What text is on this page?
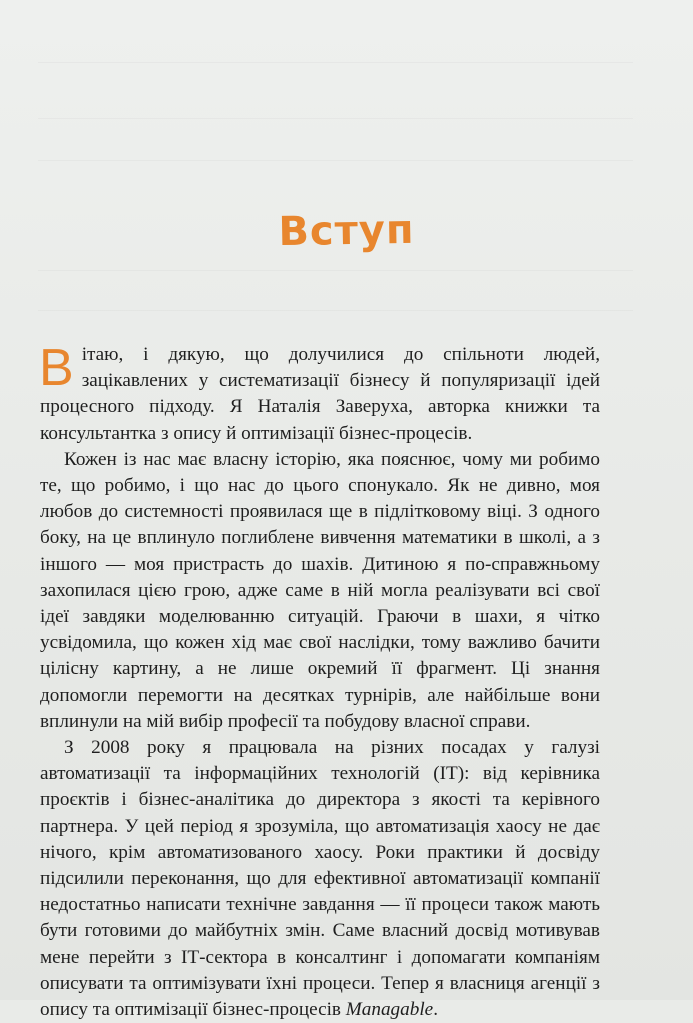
Вступ

Вітаю, і дякую, що долучилися до спільноти людей, зацікавлених у систематизації бізнесу й популяризації ідей процесного підходу. Я Наталія Заверуха, авторка книжки та консультантка з опису й оптимізації бізнес-процесів.

Кожен із нас має власну історію, яка пояснює, чому ми робимо те, що робимо, і що нас до цього спонукало. Як не дивно, моя любов до системності проявилася ще в підлітковому віці. З одного боку, на це вплинуло поглиблене вивчення математики в школі, а з іншого — моя пристрасть до шахів. Дитиною я по-справжньому захопилася цією грою, адже саме в ній могла реалізувати всі свої ідеї завдяки моделюванню ситуацій. Граючи в шахи, я чітко усвідомила, що кожен хід має свої наслідки, тому важливо бачити цілісну картину, а не лише окремий її фрагмент. Ці знання допомогли перемогти на десятках турнірів, але найбільше вони вплинули на мій вибір професії та побудову власної справи.

З 2008 року я працювала на різних посадах у галузі автоматизації та інформаційних технологій (ІТ): від керівника проєктів і бізнес-аналітика до директора з якості та керівного партнера. У цей період я зрозуміла, що автоматизація хаосу не дає нічого, крім автоматизованого хаосу. Роки практики й досвіду підсилили переконання, що для ефективної автоматизації компанії недостатньо написати технічне завдання — її процеси також мають бути готовими до майбутніх змін. Саме власний досвід мотивував мене перейти з ІТ-сектора в консалтинг і допомагати компаніям описувати та оптимізувати їхні процеси. Тепер я власниця агенції з опису та оптимізації бізнес-процесів Managable.
